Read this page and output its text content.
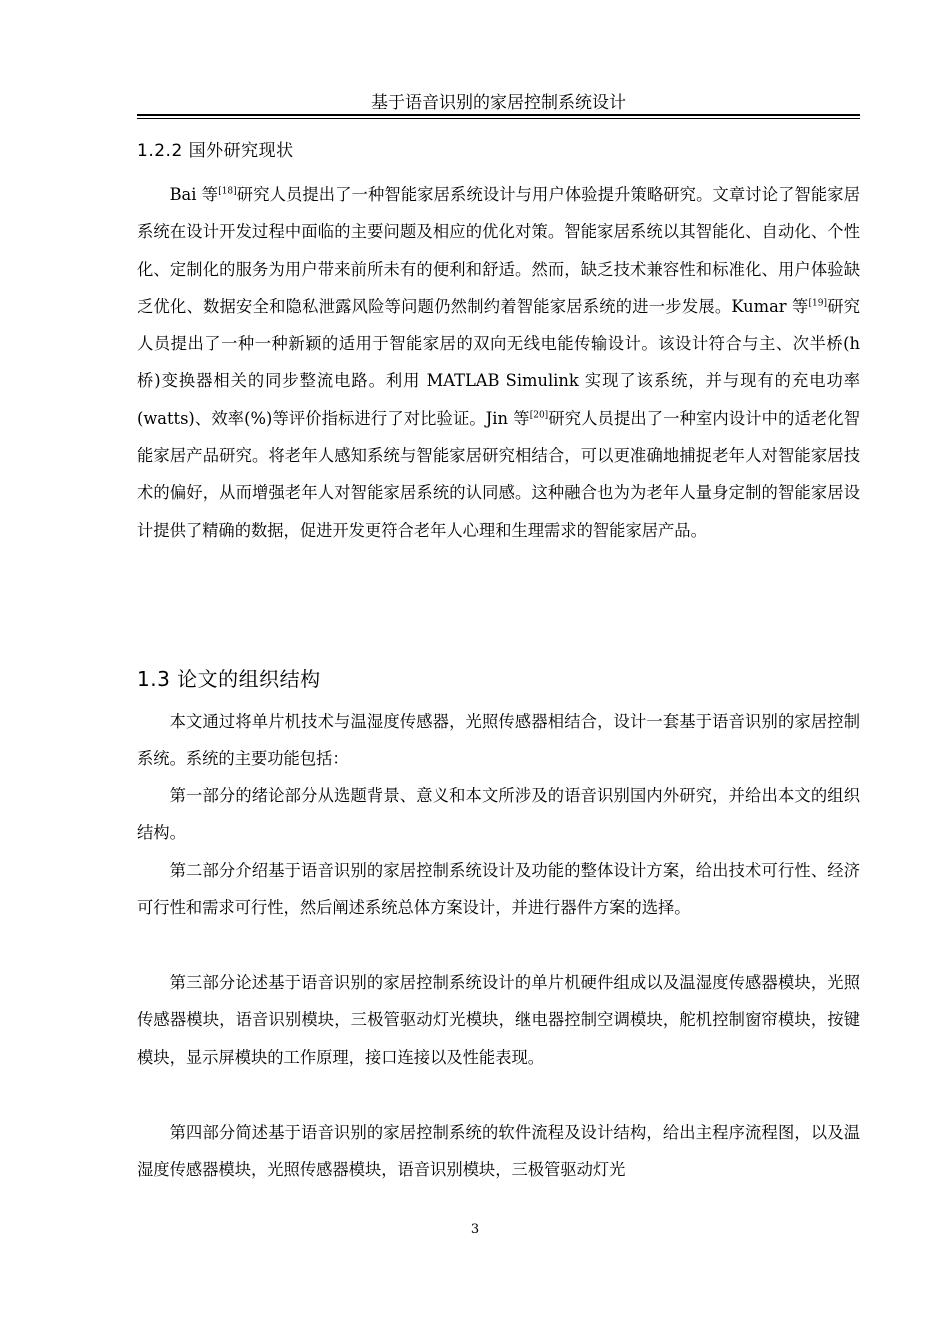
基于语音识别的家居控制系统设计
1.2.2 国外研究现状

Bai 等[18]研究人员提出了一种智能家居系统设计与用户体验提升策略研究。文章讨论了智能家居系统在设计开发过程中面临的主要问题及相应的优化对策。智能家居系统以其智能化、自动化、个性化、定制化的服务为用户带来前所未有的便利和舒适。然而，缺乏技术兼容性和标准化、用户体验缺乏优化、数据安全和隐私泄露风险等问题仍然制约着智能家居系统的进一步发展。Kumar 等[19]研究人员提出了一种一种新颖的适用于智能家居的双向无线电能传输设计。该设计符合与主、次半桥(h 桥)变换器相关的同步整流电路。利用 MATLAB Simulink 实现了该系统，并与现有的充电功率(watts)、效率(%)等评价指标进行了对比验证。Jin 等[20]研究人员提出了一种室内设计中的适老化智能家居产品研究。将老年人感知系统与智能家居研究相结合，可以更准确地捕捉老年人对智能家居技术的偏好，从而增强老年人对智能家居系统的认同感。这种融合也为为老年人量身定制的智能家居设计提供了精确的数据，促进开发更符合老年人心理和生理需求的智能家居产品。

1.3 论文的组织结构

本文通过将单片机技术与温湿度传感器，光照传感器相结合，设计一套基于语音识别的家居控制系统。系统的主要功能包括：

第一部分的绪论部分从选题背景、意义和本文所涉及的语音识别国内外研究，并给出本文的组织结构。

第二部分介绍基于语音识别的家居控制系统设计及功能的整体设计方案，给出技术可行性、经济可行性和需求可行性，然后阐述系统总体方案设计，并进行器件方案的选择。

第三部分论述基于语音识别的家居控制系统设计的单片机硬件组成以及温湿度传感器模块，光照传感器模块，语音识别模块，三极管驱动灯光模块，继电器控制空调模块，舵机控制窗帘模块，按键模块，显示屏模块的工作原理，接口连接以及性能表现。

第四部分简述基于语音识别的家居控制系统的软件流程及设计结构，给出主程序流程图，以及温湿度传感器模块，光照传感器模块，语音识别模块，三极管驱动灯光

3
